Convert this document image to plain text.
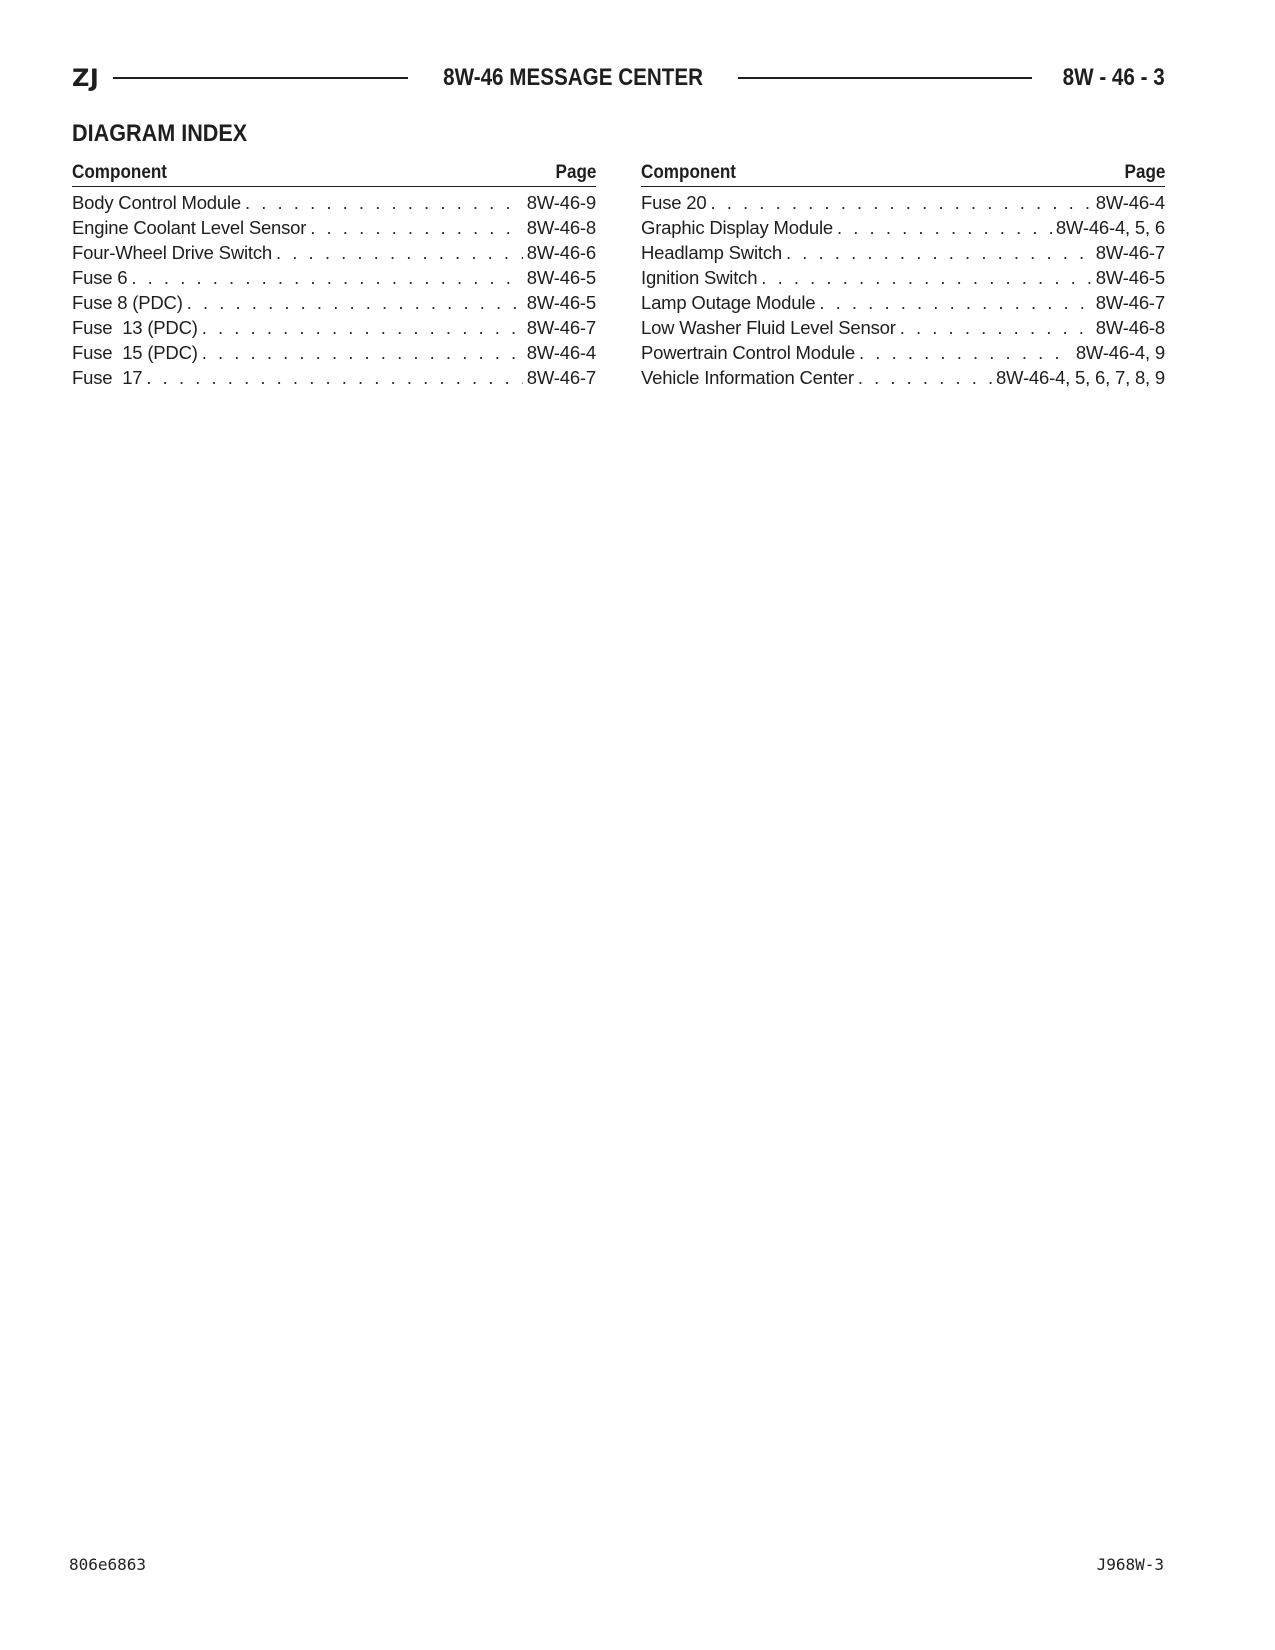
ZJ	8W-46 MESSAGE CENTER	8W - 46 - 3
DIAGRAM INDEX
Component	Page
Body Control Module . . .	8W-46-9
Engine Coolant Level Sensor . . .	8W-46-8
Four-Wheel Drive Switch . . .	8W-46-6
Fuse 6 . . .	8W-46-5
Fuse 8 (PDC) . . .	8W-46-5
Fuse  13 (PDC) . . .	8W-46-7
Fuse  15 (PDC) . . .	8W-46-4
Fuse  17 . . .	8W-46-7
Component	Page
Fuse 20 . . .	8W-46-4
Graphic Display Module . . .	8W-46-4, 5, 6
Headlamp Switch . . .	8W-46-7
Ignition Switch . . .	8W-46-5
Lamp Outage Module . . .	8W-46-7
Low Washer Fluid Level Sensor . . .	8W-46-8
Powertrain Control Module . . .	8W-46-4, 9
Vehicle Information Center . . .	8W-46-4, 5, 6, 7, 8, 9
806e6863	J968W-3
